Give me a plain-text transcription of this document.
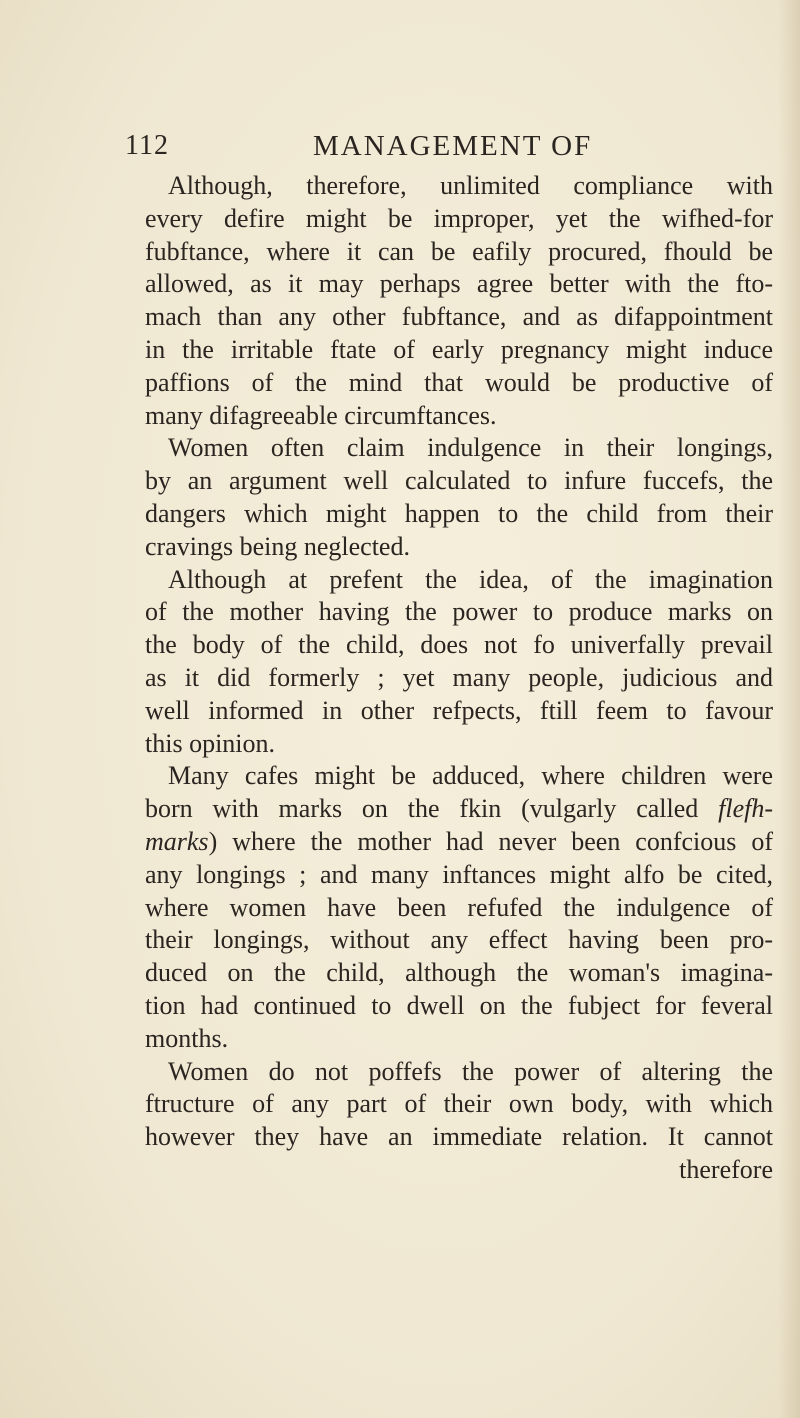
112	MANAGEMENT OF
Although, therefore, unlimited compliance with
every defire might be improper, yet the wifhed-for
fubftance, where it can be eafily procured, fhould be
allowed, as it may perhaps agree better with the fto-
mach than any other fubftance, and as difappointment
in the irritable ftate of early pregnancy might induce
paffions of the mind that would be productive of
many difagreeable circumftances.
Women often claim indulgence in their longings,
by an argument well calculated to infure fuccefs, the
dangers which might happen to the child from their
cravings being neglected.
Although at prefent the idea, of the imagination
of the mother having the power to produce marks on
the body of the child, does not fo univerfally prevail
as it did formerly ; yet many people, judicious and
well informed in other refpects, ftill feem to favour
this opinion.
Many cafes might be adduced, where children were
born with marks on the fkin (vulgarly called flefh-
marks) where the mother had never been confcious of
any longings ; and many inftances might alfo be cited,
where women have been refufed the indulgence of
their longings, without any effect having been pro-
duced on the child, although the woman's imagina-
tion had continued to dwell on the fubject for feveral
months.
Women do not poffefs the power of altering the
ftructure of any part of their own body, with which
however they have an immediate relation. It cannot
therefore
